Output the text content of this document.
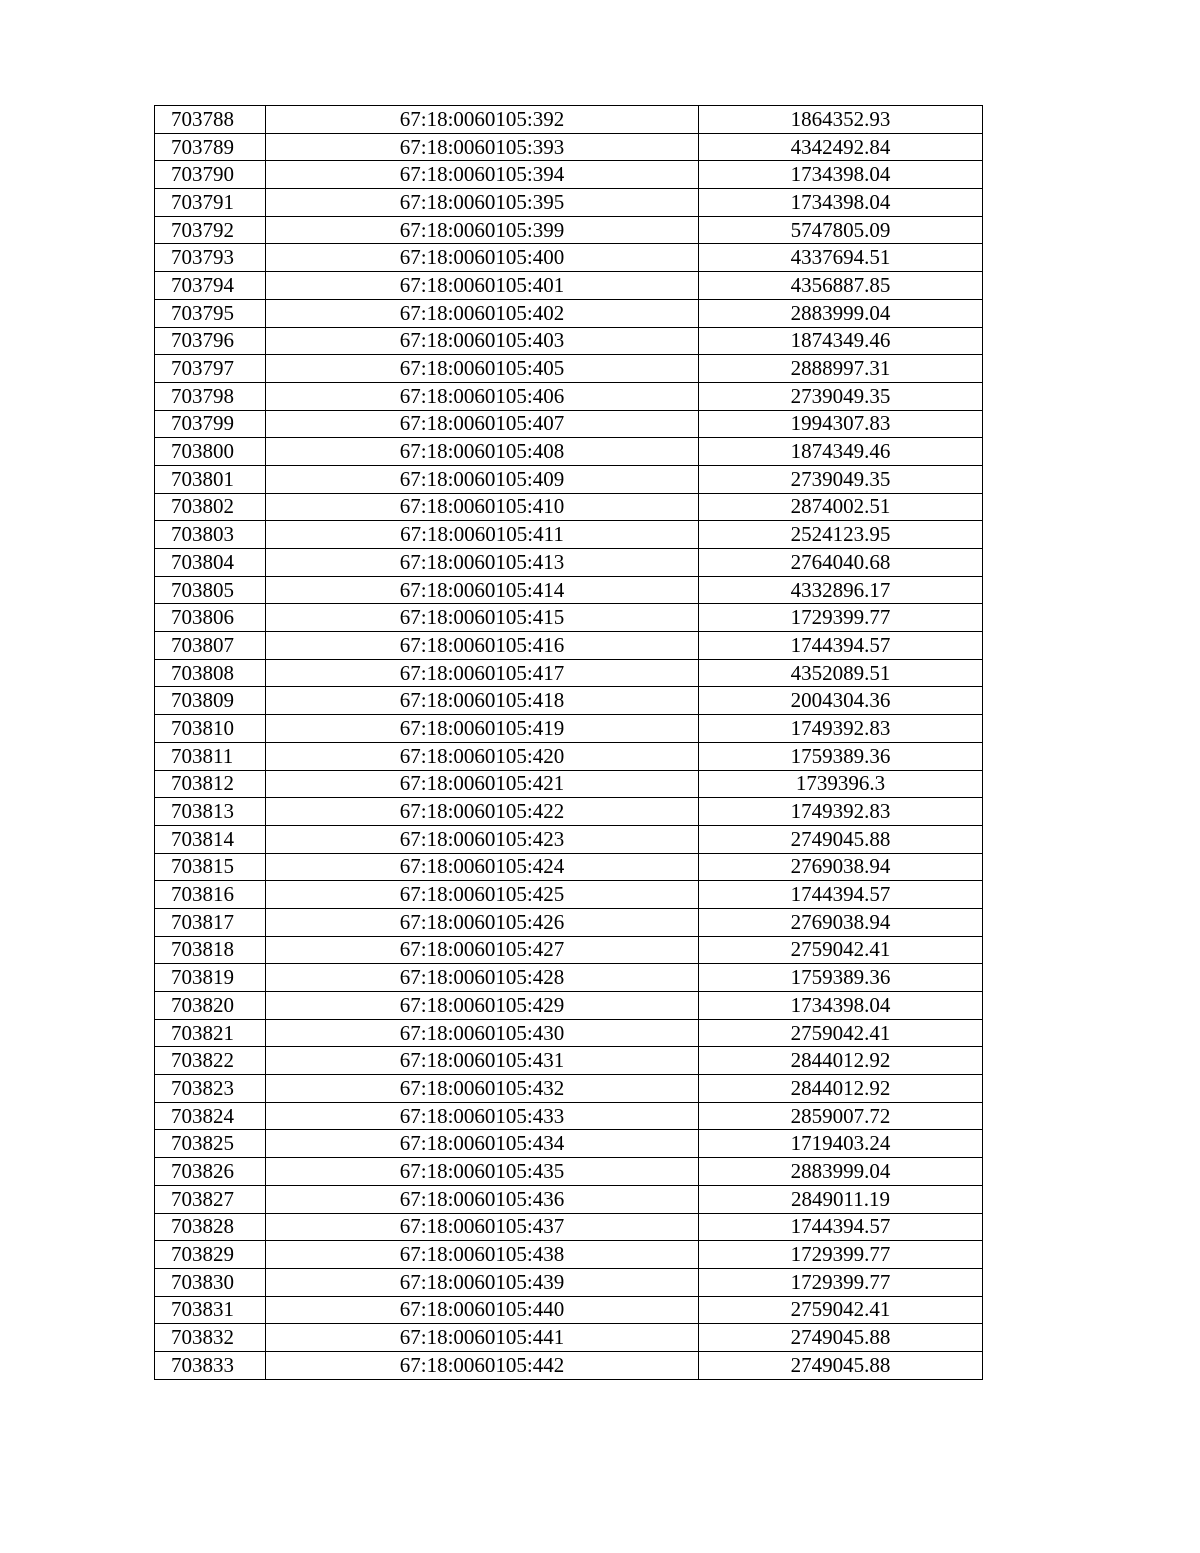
703788	67:18:0060105:392	1864352.93
703789	67:18:0060105:393	4342492.84
703790	67:18:0060105:394	1734398.04
703791	67:18:0060105:395	1734398.04
703792	67:18:0060105:399	5747805.09
703793	67:18:0060105:400	4337694.51
703794	67:18:0060105:401	4356887.85
703795	67:18:0060105:402	2883999.04
703796	67:18:0060105:403	1874349.46
703797	67:18:0060105:405	2888997.31
703798	67:18:0060105:406	2739049.35
703799	67:18:0060105:407	1994307.83
703800	67:18:0060105:408	1874349.46
703801	67:18:0060105:409	2739049.35
703802	67:18:0060105:410	2874002.51
703803	67:18:0060105:411	2524123.95
703804	67:18:0060105:413	2764040.68
703805	67:18:0060105:414	4332896.17
703806	67:18:0060105:415	1729399.77
703807	67:18:0060105:416	1744394.57
703808	67:18:0060105:417	4352089.51
703809	67:18:0060105:418	2004304.36
703810	67:18:0060105:419	1749392.83
703811	67:18:0060105:420	1759389.36
703812	67:18:0060105:421	1739396.3
703813	67:18:0060105:422	1749392.83
703814	67:18:0060105:423	2749045.88
703815	67:18:0060105:424	2769038.94
703816	67:18:0060105:425	1744394.57
703817	67:18:0060105:426	2769038.94
703818	67:18:0060105:427	2759042.41
703819	67:18:0060105:428	1759389.36
703820	67:18:0060105:429	1734398.04
703821	67:18:0060105:430	2759042.41
703822	67:18:0060105:431	2844012.92
703823	67:18:0060105:432	2844012.92
703824	67:18:0060105:433	2859007.72
703825	67:18:0060105:434	1719403.24
703826	67:18:0060105:435	2883999.04
703827	67:18:0060105:436	2849011.19
703828	67:18:0060105:437	1744394.57
703829	67:18:0060105:438	1729399.77
703830	67:18:0060105:439	1729399.77
703831	67:18:0060105:440	2759042.41
703832	67:18:0060105:441	2749045.88
703833	67:18:0060105:442	2749045.88
